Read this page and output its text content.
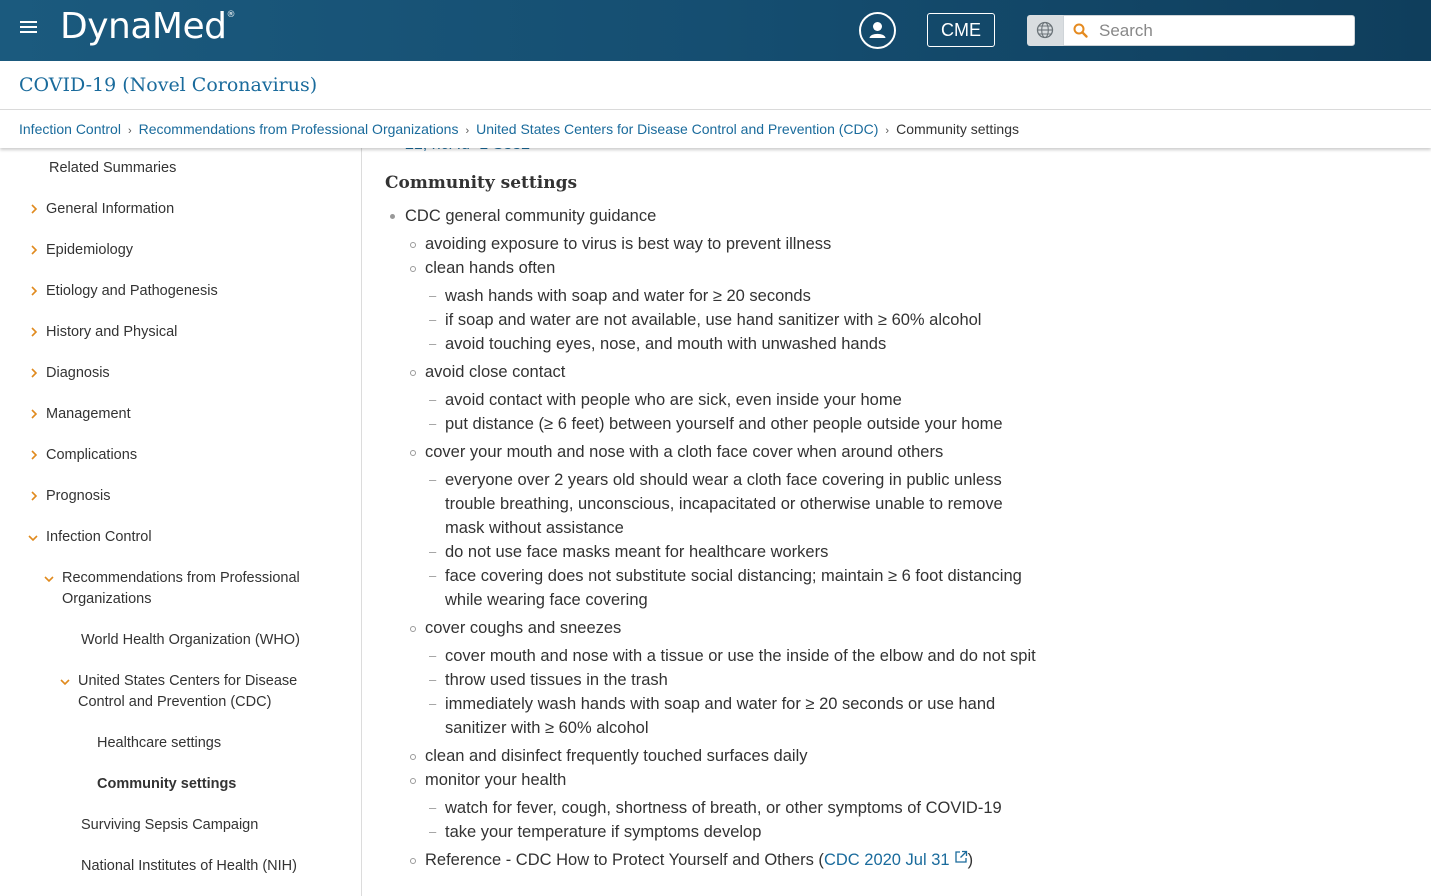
DynaMed®
CME
Search
COVID-19 (Novel Coronavirus)
Infection Control › Recommendations from Professional Organizations › United States Centers for Disease Control and Prevention (CDC) › Community settings
Related Summaries
General Information
Epidemiology
Etiology and Pathogenesis
History and Physical
Diagnosis
Management
Complications
Prognosis
Infection Control
Recommendations from Professional
Organizations
World Health Organization (WHO)
United States Centers for Disease
Control and Prevention (CDC)
Healthcare settings
Community settings
Surviving Sepsis Campaign
National Institutes of Health (NIH)
Community settings
CDC general community guidance
avoiding exposure to virus is best way to prevent illness
clean hands often
– wash hands with soap and water for ≥ 20 seconds
– if soap and water are not available, use hand sanitizer with ≥ 60% alcohol
– avoid touching eyes, nose, and mouth with unwashed hands
avoid close contact
– avoid contact with people who are sick, even inside your home
– put distance (≥ 6 feet) between yourself and other people outside your home
cover your mouth and nose with a cloth face cover when around others
– everyone over 2 years old should wear a cloth face covering in public unless
trouble breathing, unconscious, incapacitated or otherwise unable to remove
mask without assistance
– do not use face masks meant for healthcare workers
– face covering does not substitute social distancing; maintain ≥ 6 foot distancing
while wearing face covering
cover coughs and sneezes
– cover mouth and nose with a tissue or use the inside of the elbow and do not spit
– throw used tissues in the trash
– immediately wash hands with soap and water for ≥ 20 seconds or use hand
sanitizer with ≥ 60% alcohol
clean and disinfect frequently touched surfaces daily
monitor your health
– watch for fever, cough, shortness of breath, or other symptoms of COVID-19
– take your temperature if symptoms develop
Reference - CDC How to Protect Yourself and Others (CDC 2020 Jul 31 )
